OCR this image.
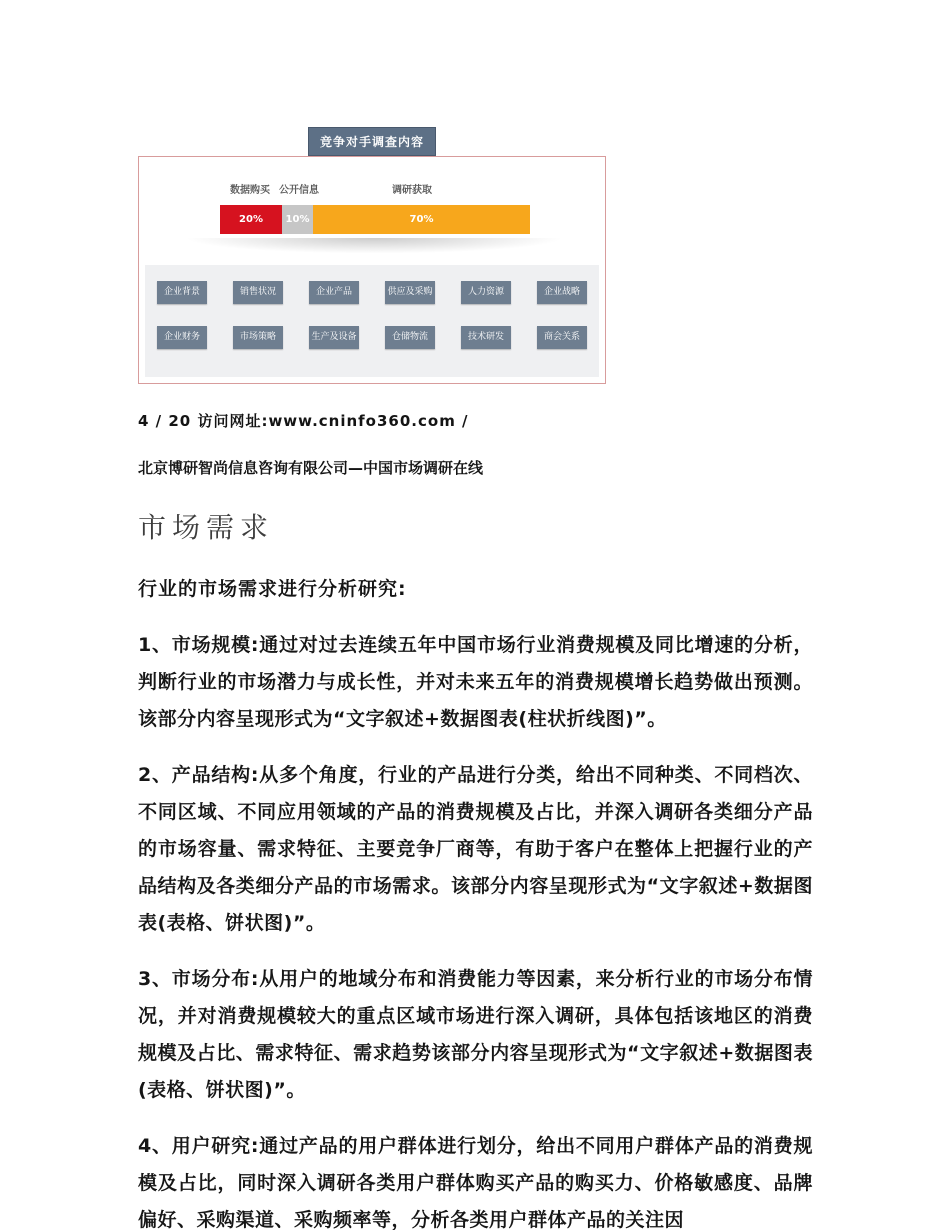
竞争对手调查内容
数据购买 公开信息	调研获取
20%	10%	70%
企业背景	销售状况	企业产品	供应及采购	人力资源	企业战略
企业财务	市场策略	生产及设备	仓储物流	技术研发	商会关系
4 / 20 访问网址:www.cninfo360.com /
北京博研智尚信息咨询有限公司—中国市场调研在线
市场需求
行业的市场需求进行分析研究:

1、市场规模:通过对过去连续五年中国市场行业消费规模及同比增速的分析，判断行业的市场潜力与成长性，并对未来五年的消费规模增长趋势做出预测。该部分内容呈现形式为“文字叙述+数据图表(柱状折线图)”。

2、产品结构:从多个角度，行业的产品进行分类，给出不同种类、不同档次、不同区域、不同应用领域的产品的消费规模及占比，并深入调研各类细分产品的市场容量、需求特征、主要竞争厂商等，有助于客户在整体上把握行业的产品结构及各类细分产品的市场需求。该部分内容呈现形式为“文字叙述+数据图表(表格、饼状图)”。

3、市场分布:从用户的地域分布和消费能力等因素，来分析行业的市场分布情况，并对消费规模较大的重点区域市场进行深入调研，具体包括该地区的消费规模及占比、需求特征、需求趋势该部分内容呈现形式为“文字叙述+数据图表(表格、饼状图)”。

4、用户研究:通过产品的用户群体进行划分，给出不同用户群体产品的消费规模及占比，同时深入调研各类用户群体购买产品的购买力、价格敏感度、品牌偏好、采购渠道、采购频率等，分析各类用户群体产品的关注因
